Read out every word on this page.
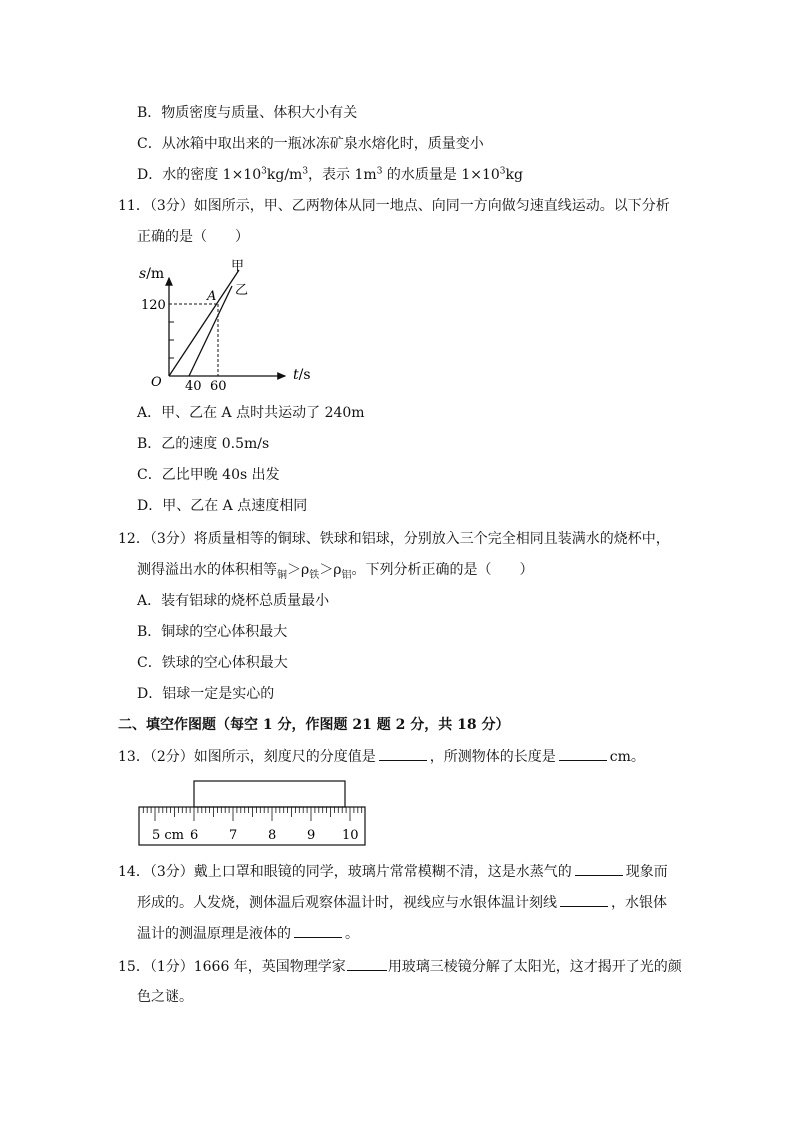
B．物质密度与质量、体积大小有关
C．从冰箱中取出来的一瓶冰冻矿泉水熔化时，质量变小
D．水的密度 $1\times 10^3kg/m^3$，表示 $1m^3$ 的水质量是 $1\times 10^3kg$
11．（3分）如图所示，甲、乙两物体从同一地点、向同一方向做匀速直线运动。以下分析
正确的是（　　）
s/m
120
O 40 60
t/s
A
甲
乙
A．甲、乙在 A 点时共运动了 240m
B．乙的速度 0.5m/s
C．乙比甲晚 40s 出发
D．甲、乙在 A 点速度相同
12．（3分）将质量相等的铜球、铁球和铝球，分别放入三个完全相同且装满水的烧杯中，
测得溢出水的体积相等$_铜>\rho_铁>\rho_铝$。下列分析正确的是（　　）
A．装有铝球的烧杯总质量最小
B．铜球的空心体积最大
C．铁球的空心体积最大
D．铝球一定是实心的
二、填空作图题（每空 1 分，作图题 21 题 2 分，共 18 分）
13．（2分）如图所示，刻度尺的分度值是	，所测物体的长度是	cm。
5 cm 6 7 8 9 10
14．（3分）戴上口罩和眼镜的同学，玻璃片常常模糊不清，这是水蒸气的	现象而
形成的。人发烧，测体温后观察体温计时，视线应与水银体温计刻线	，水银体
温计的测温原理是液体的	。
15．（1分）1666 年，英国物理学家	用玻璃三棱镜分解了太阳光，这才揭开了光的颜
色之谜。
